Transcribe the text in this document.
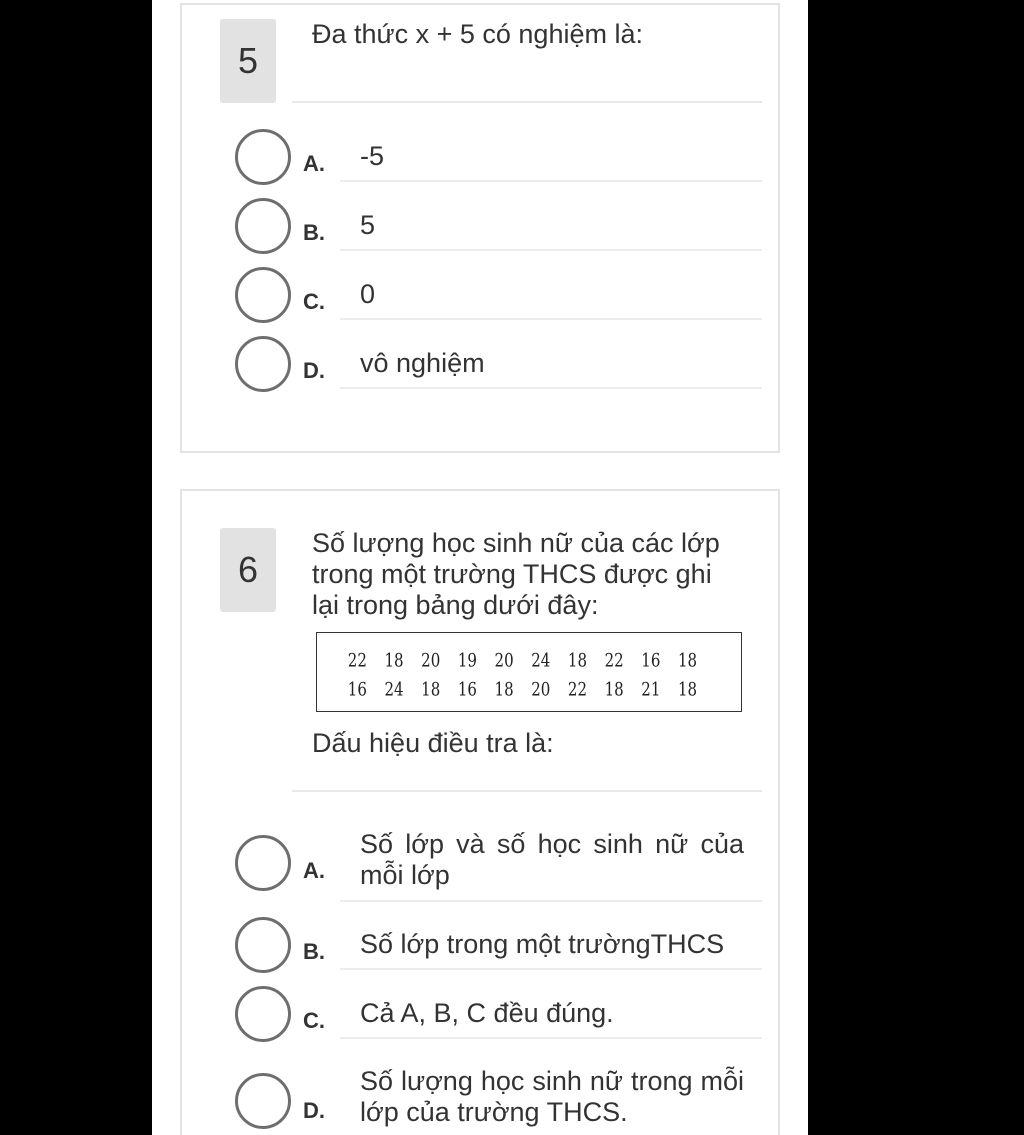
5
Đa thức x + 5 có nghiệm là:
A. -5
B. 5
C. 0
D. vô nghiệm
6
Số lượng học sinh nữ của các lớp trong một trường THCS được ghi lại trong bảng dưới đây:
22	18	20	19	20	24	18	22	16	18
16	24	18	16	18	20	22	18	21	18
Dấu hiệu điều tra là:
A.
Số lớp và số học sinh nữ của mỗi lớp
B. Số lớp trong một trườngTHCS
C. Cả A, B, C đều đúng.
D.
Số lượng học sinh nữ trong mỗi lớp của trường THCS.
